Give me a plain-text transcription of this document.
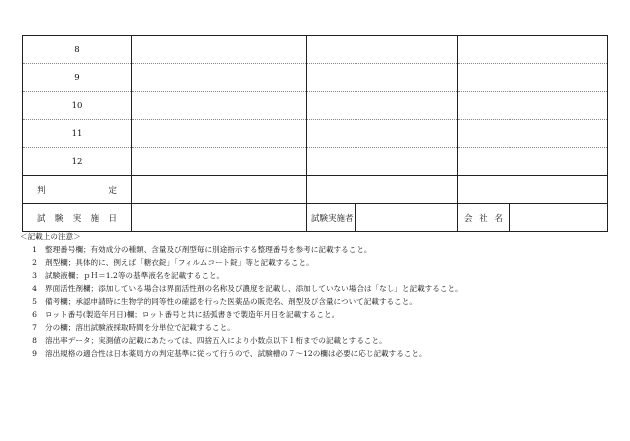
8					
9					
10					
11					
12					

判 定					

試 験 実 施 日		試験実施者		会 社 名	

＜記載上の注意＞
1 整理番号欄；有効成分の種類、含量及び剤型毎に別途指示する整理番号を参考に記載すること。
2 剤型欄；具体的に、例えば「糖衣錠」「フィルムコート錠」等と記載すること。
3 試験液欄；ｐＨ＝1.2等の基準液名を記載すること。
4 界面活性剤欄；添加している場合は界面活性剤の名称及び濃度を記載し、添加していない場合は「なし」と記載すること。
5 備考欄；承認申請時に生物学的同等性の確認を行った医薬品の販売名、剤型及び含量について記載すること。
6 ロット番号(製造年月日)欄；ロット番号と共に括弧書きで製造年月日を記載すること。
7 分の欄；溶出試験液採取時間を分単位で記載すること。
8 溶出率データ；実測値の記載にあたっては、四捨五入により小数点以下１桁までの記載とすること。
9 溶出規格の適合性は日本薬局方の判定基準に従って行うので、試験槽の７～12の欄は必要に応じ記載すること。
